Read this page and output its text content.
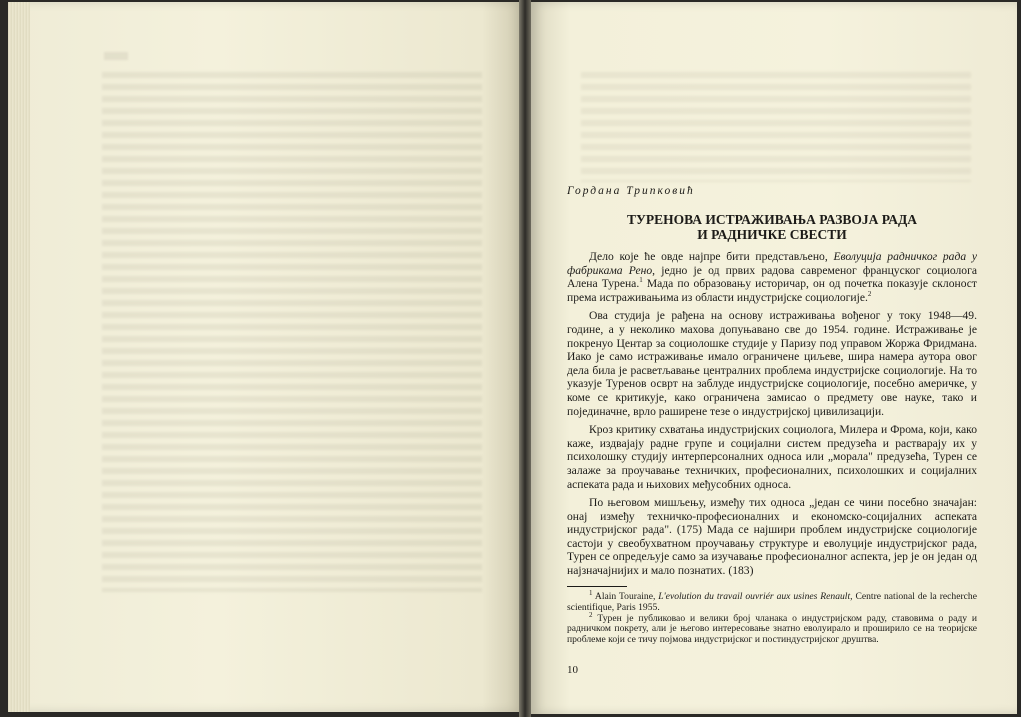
Гордана Трипковић
ТУРЕНОВА ИСТРАЖИВАЊА РАЗВОЈА РАДА
И РАДНИЧКЕ СВЕСТИ

Дело које ће овде најпре бити представљено, Еволуција радничког рада у фабрикама Рено, једно је од првих радова савременог француског социолога Алена Турена.$^1$ Мада по образовању историчар, он од почетка показује склоност према истраживањима из области индустријске социологије.$^2$

Ова студија је рађена на основу истраживања вођеног у току 1948—49. године, а у неколико махова допуњавано све до 1954. године. Истраживање је покренуо Центар за социолошке студије у Паризу под управом Жоржа Фридмана. Иако је само истраживање имало ограничене циљеве, шира намера аутора овог дела била је расветљавање централних проблема индустријске социологије. На то указује Туренов осврт на заблуде индустријске социологије, посебно америчке, у коме се критикује, како ограничена замисао о предмету ове науке, тако и појединачне, врло раширене тезе о индустријској цивилизацији.

Кроз критику схватања индустријских социолога, Милера и Фрома, који, како каже, издвајају радне групе и социјални систем предузећа и растварају их у психолошку студију интерперсоналних односа или „морала" предузећа, Турен се залаже за проучавање техничких, професионалних, психолошких и социјалних аспеката рада и њихових међусобних односа.

По његовом мишљењу, између тих односа „један се чини посебно значајан: онај између техничко-професионалних и економско-социјалних аспеката индустријског рада". (175) Мада се најшири проблем индустријске социологије састоји у свеобухватном проучавању структуре и еволуције индустријског рада, Турен се опредељује само за изучавање професионалног аспекта, јер је он један од најзначајнијих и мало познатих. (183)

$^1$ Alain Touraine, L'evolution du travail ouvriér aux usines Renault, Centre national de la recherche scientifique, Paris 1955.

$^2$ Турен је публиковао и велики број чланака о индустријском раду, ставовима о раду и радничком покрету, али је његово интересовање знатно еволуирало и проширило се на теоријске проблеме који се тичу појмова индустријског и постиндустријског друштва.

10
